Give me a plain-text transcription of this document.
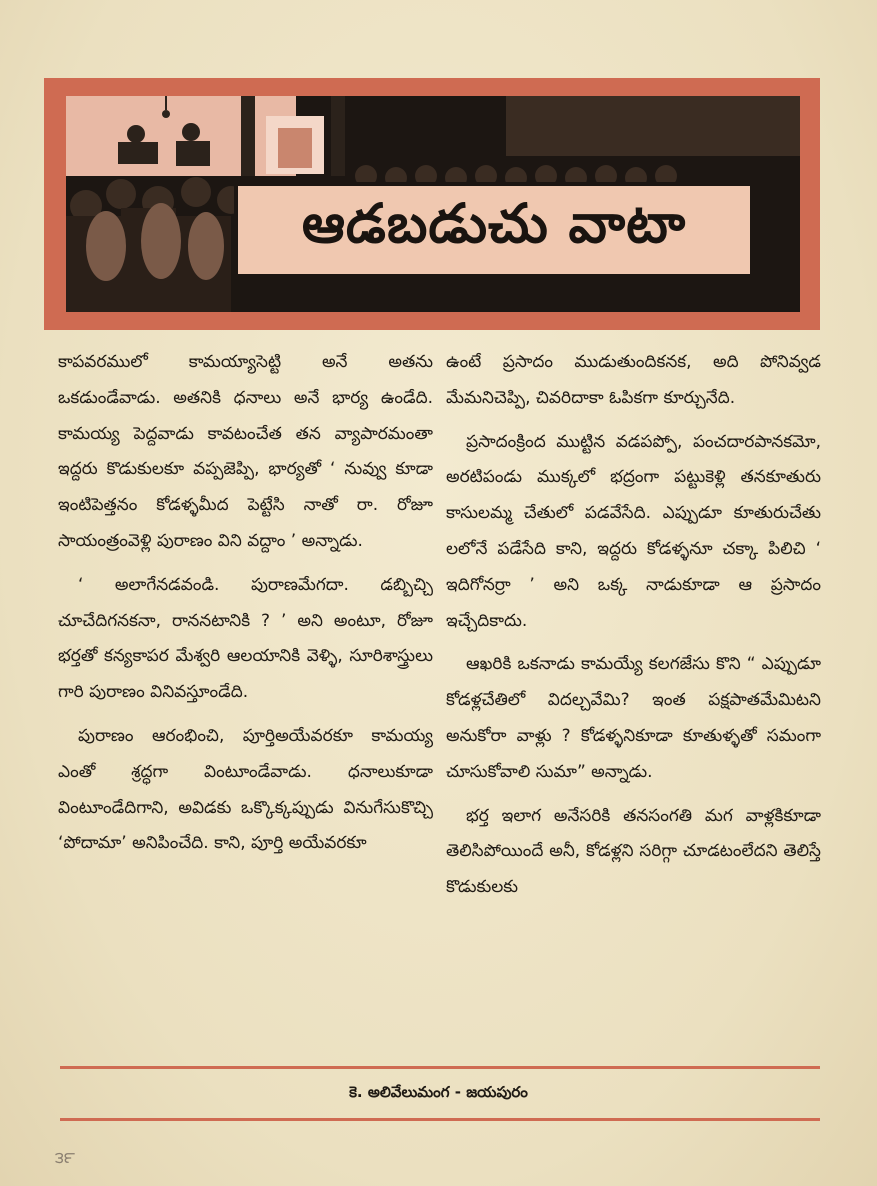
ఆడబడుచు వాటా

కాపవరములో కామయ్యాసెట్టి అనే అతను ఒకడుండేవాడు. అతనికి ధనాలు అనే భార్య ఉండేది. కామయ్య పెద్దవాడు కావటంచేత తన వ్యాపారమంతా ఇద్దరు కొడుకులకూ వప్పజెప్పి, భార్యతో ‘ నువ్వు కూడా ఇంటిపెత్తనం కోడళ్ళమీద పెట్టేసి నాతో రా. రోజూ సాయంత్రంవెళ్లి పురాణం విని వద్దాం ’ అన్నాడు.

‘ అలాగేనడవండి. పురాణమేగదా. డబ్బిచ్చి చూచేదిగనకనా, రాననటానికి ? ’ అని అంటూ, రోజూ భర్తతో కన్యకాపర మేశ్వరి ఆలయానికి వెళ్ళి, సూరిశాస్త్రులు గారి పురాణం వినివస్తూండేది.

పురాణం ఆరంభించి, పూర్తిఅయేవరకూ కామయ్య ఎంతో శ్రద్ధగా వింటూండేవాడు. ధనాలుకూడా వింటూండేదిగాని, అవిడకు ఒక్కొక్కప్పుడు వినుగేసుకొచ్చి ‘పోదామా’ అనిపించేది. కాని, పూర్తి అయేవరకూ

ఉంటే ప్రసాదం ముడుతుందికనక, అది పోనివ్వడ మేమనిచెప్పి, చివరిదాకా ఓపికగా కూర్చునేది.

ప్రసాదంక్రింద ముట్టిన వడపప్పో, పంచదారపానకమో, అరటిపండు ముక్కలో భద్రంగా పట్టుకెళ్లి తనకూతురు కాసులమ్మ చేతులో పడవేసేది. ఎప్పుడూ కూతురుచేతు లలోనే పడేసేది కాని, ఇద్దరు కోడళ్ళనూ చక్కా పిలిచి ‘ ఇదిగోనర్రా ’ అని ఒక్క నాడుకూడా ఆ ప్రసాదం ఇచ్చేదికాదు.

ఆఖరికి ఒకనాడు కామయ్యే కలగజేసు కొని “ ఎప్పుడూ కోడళ్లచేతిలో విదల్చవేమి? ఇంత పక్షపాతమేమిటని అనుకోరా వాళ్లు ? కోడళ్ళనికూడా కూతుళ్ళతో సమంగా చూసుకోవాలి సుమా” అన్నాడు.

భర్త ఇలాగ అనేసరికి తనసంగతి మగ వాళ్లకికూడా తెలిసిపోయిందే అనీ, కోడళ్లని సరిగ్గా చూడటంలేదని తెలిస్తే కొడుకులకు

కె. అలివేలుమంగ - జయపురం
౩౯
